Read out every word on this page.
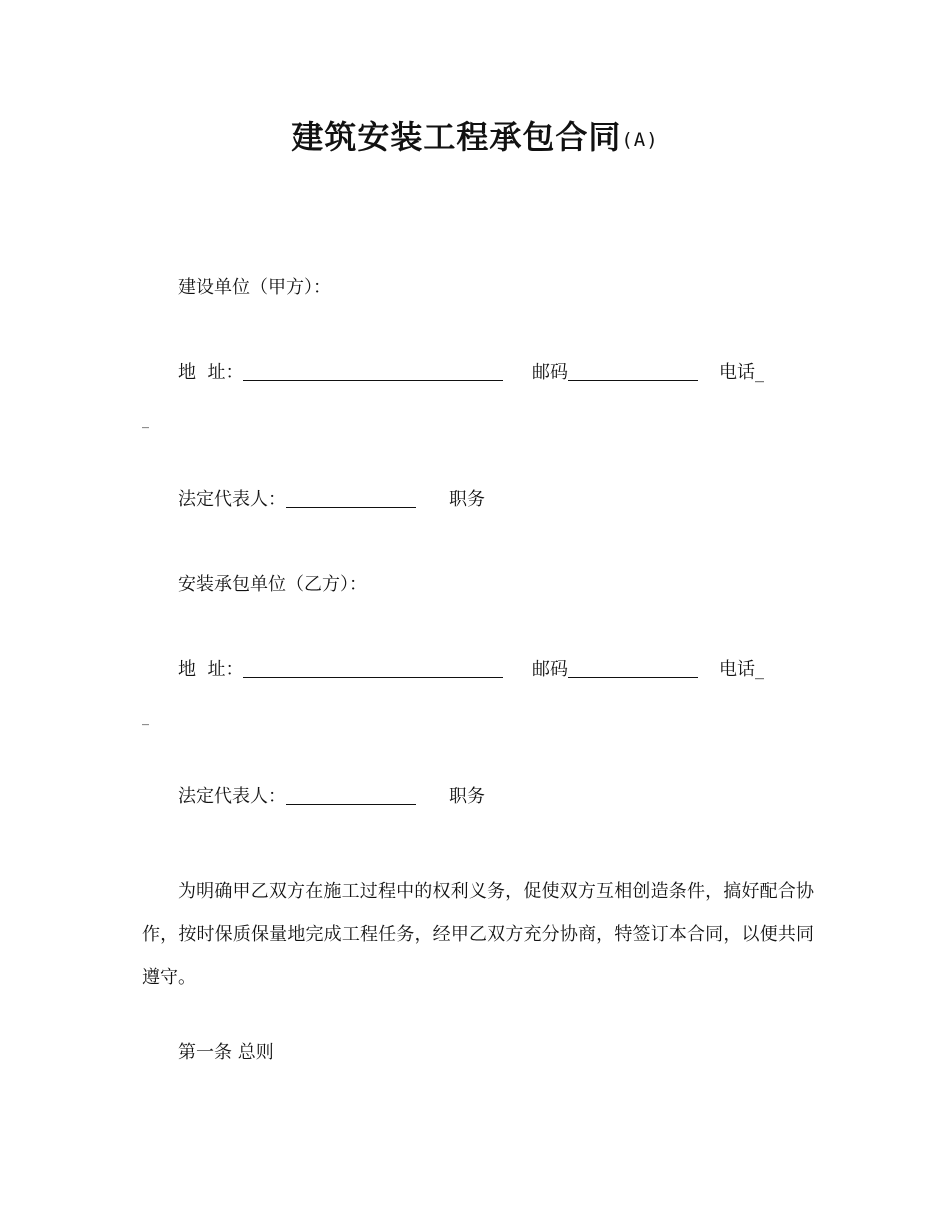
建筑安装工程承包合同(A)
建设单位（甲方）：
地  址：	邮码	电话_
_
法定代表人：	职务
安装承包单位（乙方）：
地  址：	邮码	电话_
_
法定代表人：	职务
为明确甲乙双方在施工过程中的权利义务，促使双方互相创造条件，搞好配合协作，按时保质保量地完成工程任务，经甲乙双方充分协商，特签订本合同，以便共同遵守。
第一条 总则
